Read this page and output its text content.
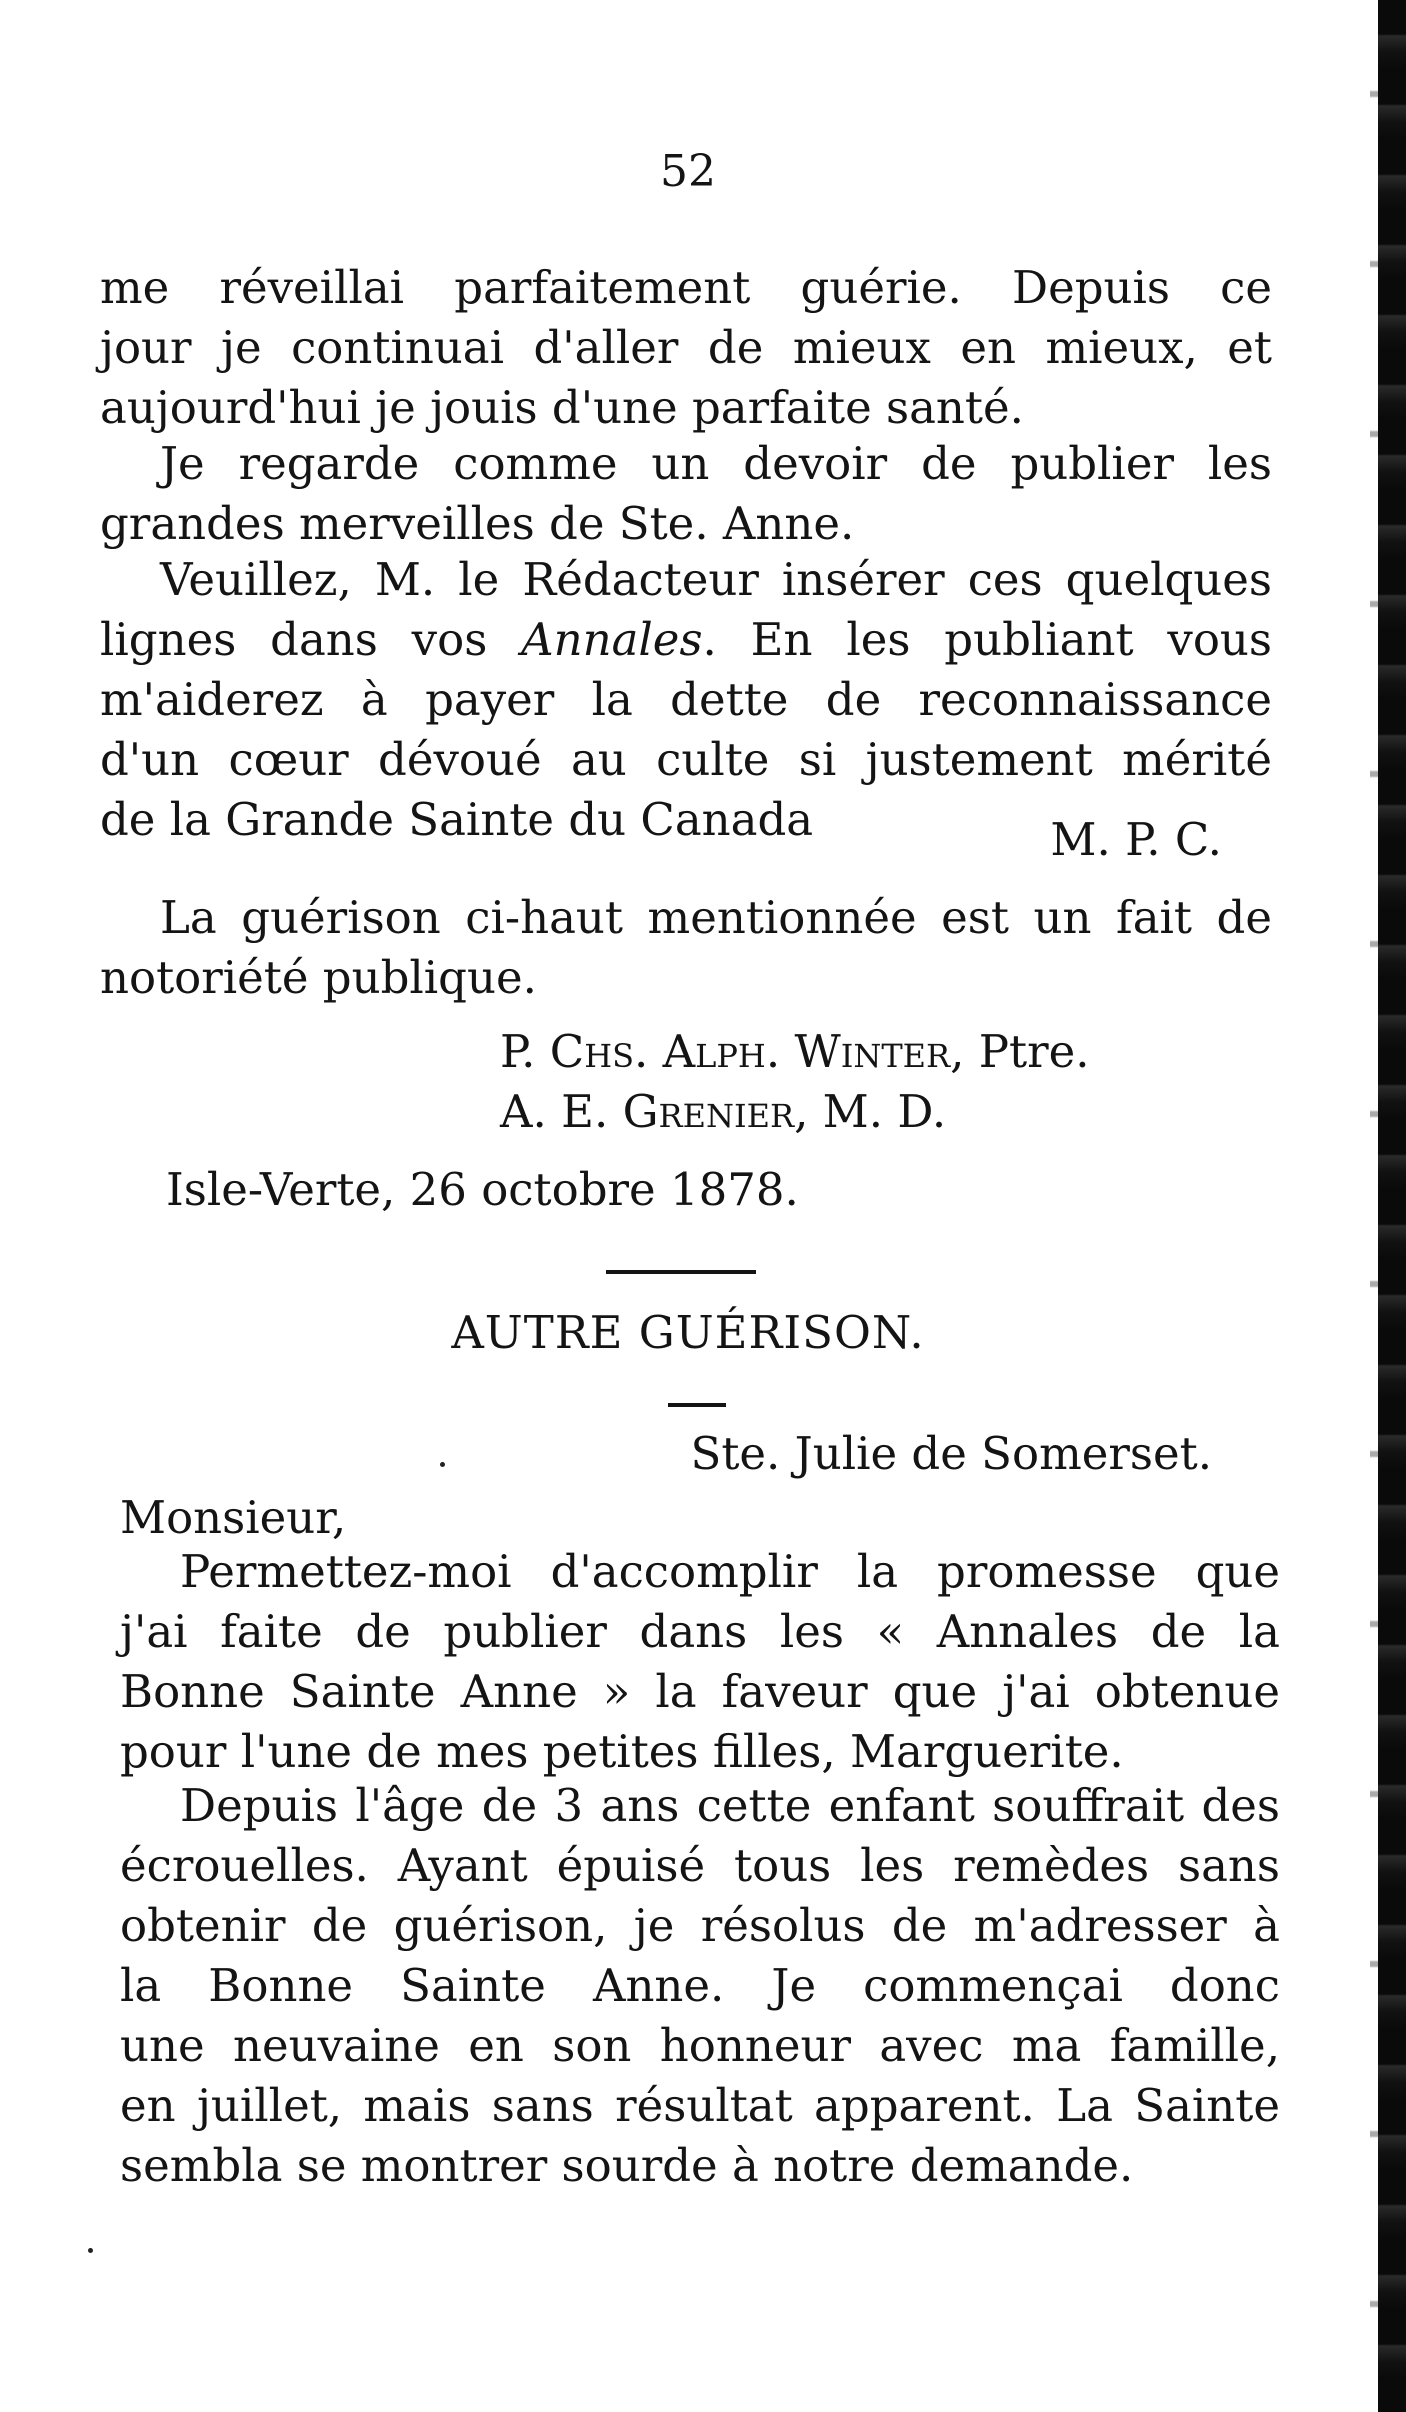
52
me réveillai parfaitement guérie. Depuis ce
jour je continuai d'aller de mieux en mieux, et
aujourd'hui je jouis d'une parfaite santé.
Je regarde comme un devoir de publier les
grandes merveilles de Ste. Anne.
Veuillez, M. le Rédacteur insérer ces quelques
lignes dans vos Annales. En les publiant vous
m'aiderez à payer la dette de reconnaissance
d'un cœur dévoué au culte si justement mérité
de la Grande Sainte du Canada	M. P. C.
La guérison ci-haut mentionnée est un fait de
notoriété publique.
P. Chs. Alph. Winter, Ptre.
A. E. Grenier, M. D.
Isle-Verte, 26 octobre 1878.
AUTRE GUÉRISON.
Ste. Julie de Somerset.
Monsieur,
Permettez-moi d'accomplir la promesse que
j'ai faite de publier dans les « Annales de la
Bonne Sainte Anne » la faveur que j'ai obtenue
pour l'une de mes petites filles, Marguerite.
Depuis l'âge de 3 ans cette enfant souffrait des
écrouelles. Ayant épuisé tous les remèdes sans
obtenir de guérison, je résolus de m'adresser à
la Bonne Sainte Anne. Je commençai donc
une neuvaine en son honneur avec ma famille,
en juillet, mais sans résultat apparent. La Sainte
sembla se montrer sourde à notre demande.
